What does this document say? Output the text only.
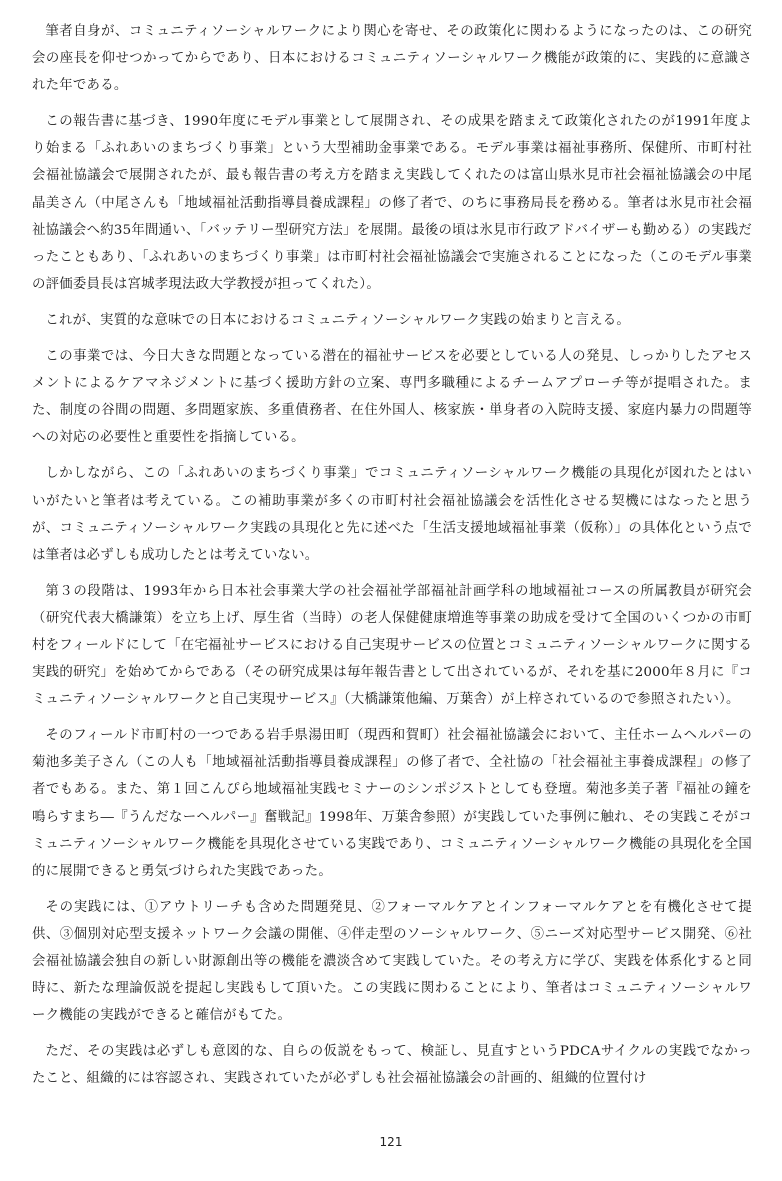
筆者自身が、コミュニティソーシャルワークにより関心を寄せ、その政策化に関わるようになったのは、この研究会の座長を仰せつかってからであり、日本におけるコミュニティソーシャルワーク機能が政策的に、実践的に意識された年である。

この報告書に基づき、1990年度にモデル事業として展開され、その成果を踏まえて政策化されたのが1991年度より始まる「ふれあいのまちづくり事業」という大型補助金事業である。モデル事業は福祉事務所、保健所、市町村社会福祉協議会で展開されたが、最も報告書の考え方を踏まえ実践してくれたのは富山県氷見市社会福祉協議会の中尾晶美さん（中尾さんも「地域福祉活動指導員養成課程」の修了者で、のちに事務局長を務める。筆者は氷見市社会福祉協議会へ約35年間通い、「バッテリー型研究方法」を展開。最後の頃は氷見市行政アドバイザーも勤める）の実践だったこともあり、「ふれあいのまちづくり事業」は市町村社会福祉協議会で実施されることになった（このモデル事業の評価委員長は宮城孝現法政大学教授が担ってくれた）。

これが、実質的な意味での日本におけるコミュニティソーシャルワーク実践の始まりと言える。

この事業では、今日大きな問題となっている潜在的福祉サービスを必要としている人の発見、しっかりしたアセスメントによるケアマネジメントに基づく援助方針の立案、専門多職種によるチームアプローチ等が提唱された。また、制度の谷間の問題、多問題家族、多重債務者、在住外国人、核家族・単身者の入院時支援、家庭内暴力の問題等への対応の必要性と重要性を指摘している。

しかしながら、この「ふれあいのまちづくり事業」でコミュニティソーシャルワーク機能の具現化が図れたとはいいがたいと筆者は考えている。この補助事業が多くの市町村社会福祉協議会を活性化させる契機にはなったと思うが、コミュニティソーシャルワーク実践の具現化と先に述べた「生活支援地域福祉事業（仮称）」の具体化という点では筆者は必ずしも成功したとは考えていない。

第３の段階は、1993年から日本社会事業大学の社会福祉学部福祉計画学科の地域福祉コースの所属教員が研究会（研究代表大橋謙策）を立ち上げ、厚生省（当時）の老人保健健康増進等事業の助成を受けて全国のいくつかの市町村をフィールドにして「在宅福祉サービスにおける自己実現サービスの位置とコミュニティソーシャルワークに関する実践的研究」を始めてからである（その研究成果は毎年報告書として出されているが、それを基に2000年８月に『コミュニティソーシャルワークと自己実現サービス』（大橋謙策他編、万葉舎）が上梓されているので参照されたい）。

そのフィールド市町村の一つである岩手県湯田町（現西和賀町）社会福祉協議会において、主任ホームヘルパーの菊池多美子さん（この人も「地域福祉活動指導員養成課程」の修了者で、全社協の「社会福祉主事養成課程」の修了者でもある。また、第１回こんぴら地域福祉実践セミナーのシンポジストとしても登壇。菊池多美子著『福祉の鐘を鳴らすまち―『うんだなーヘルパー』奮戦記』1998年、万葉舎参照）が実践していた事例に触れ、その実践こそがコミュニティソーシャルワーク機能を具現化させている実践であり、コミュニティソーシャルワーク機能の具現化を全国的に展開できると勇気づけられた実践であった。

その実践には、①アウトリーチも含めた問題発見、②フォーマルケアとインフォーマルケアとを有機化させて提供、③個別対応型支援ネットワーク会議の開催、④伴走型のソーシャルワーク、⑤ニーズ対応型サービス開発、⑥社会福祉協議会独自の新しい財源創出等の機能を濃淡含めて実践していた。その考え方に学び、実践を体系化すると同時に、新たな理論仮説を提起し実践もして頂いた。この実践に関わることにより、筆者はコミュニティソーシャルワーク機能の実践ができると確信がもてた。

ただ、その実践は必ずしも意図的な、自らの仮説をもって、検証し、見直すというPDCAサイクルの実践でなかったこと、組織的には容認され、実践されていたが必ずしも社会福祉協議会の計画的、組織的位置付け

121
